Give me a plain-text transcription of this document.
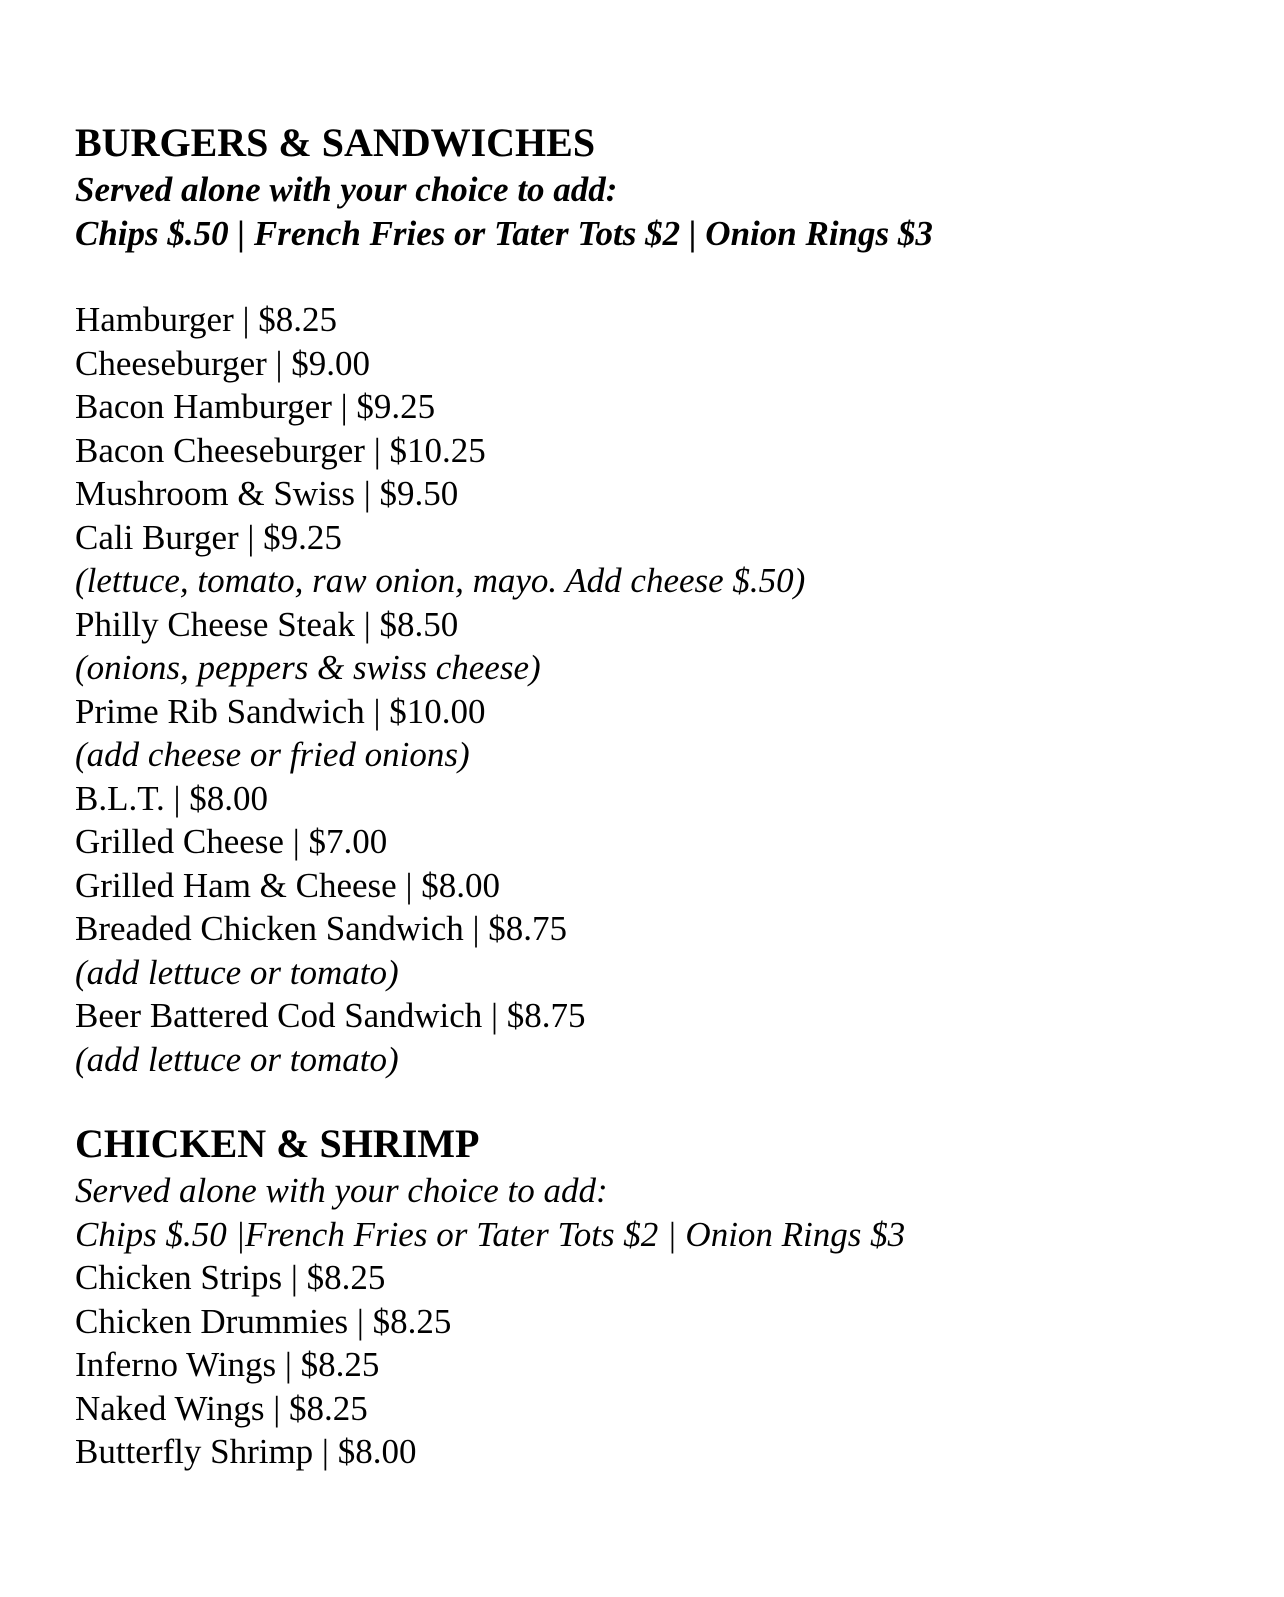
BURGERS & SANDWICHES
Served alone with your choice to add:
Chips $.50 | French Fries or Tater Tots $2 | Onion Rings $3
Hamburger | $8.25
Cheeseburger | $9.00
Bacon Hamburger | $9.25
Bacon Cheeseburger | $10.25
Mushroom & Swiss | $9.50
Cali Burger | $9.25
(lettuce, tomato, raw onion, mayo. Add cheese $.50)
Philly Cheese Steak | $8.50
(onions, peppers & swiss cheese)
Prime Rib Sandwich | $10.00
(add cheese or fried onions)
B.L.T. | $8.00
Grilled Cheese | $7.00
Grilled Ham & Cheese | $8.00
Breaded Chicken Sandwich | $8.75
(add lettuce or tomato)
Beer Battered Cod Sandwich | $8.75
(add lettuce or tomato)
CHICKEN & SHRIMP
Served alone with your choice to add:
Chips $.50 |French Fries or Tater Tots $2 | Onion Rings $3
Chicken Strips | $8.25
Chicken Drummies | $8.25
Inferno Wings | $8.25
Naked Wings | $8.25
Butterfly Shrimp | $8.00
